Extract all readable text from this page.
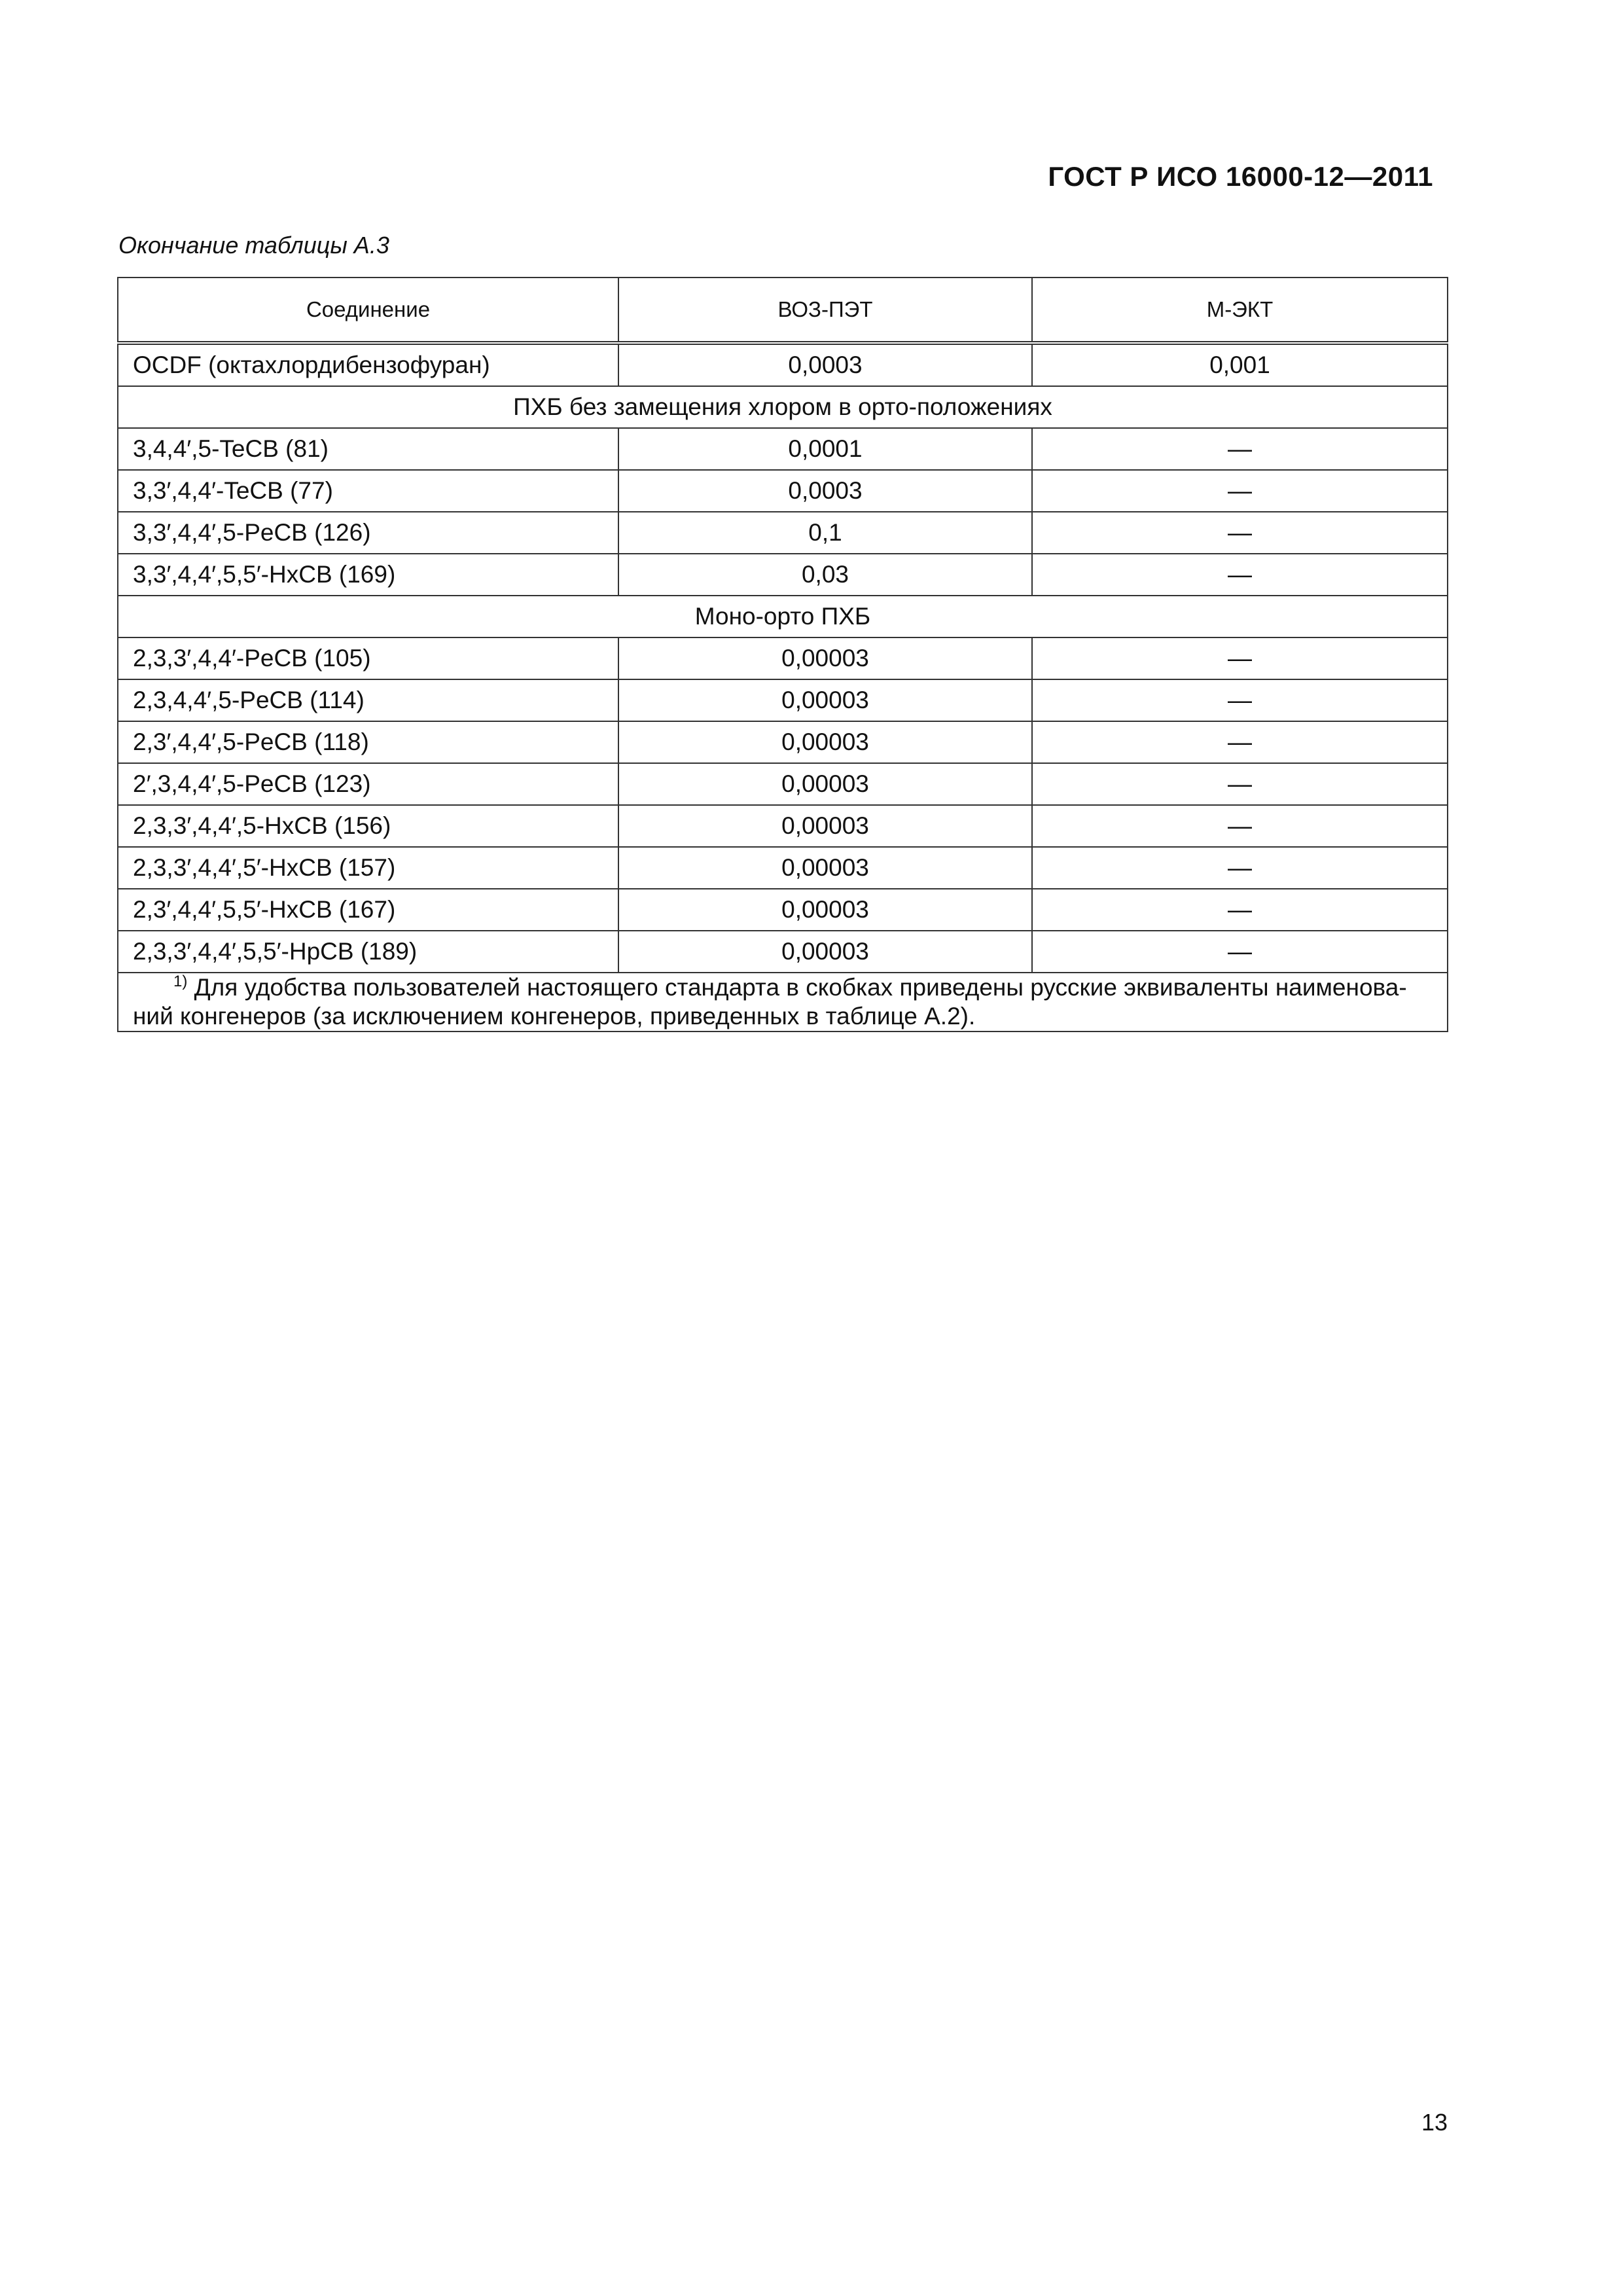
ГОСТ Р ИСО 16000-12—2011
Окончание таблицы А.3
Соединение	ВОЗ-ПЭТ	М-ЭКТ
OCDF (октахлордибензофуран)	0,0003	0,001
ПХБ без замещения хлором в орто-положениях		
3,4,4′,5-TeCB (81)	0,0001	—
3,3′,4,4′-TeCB (77)	0,0003	—
3,3′,4,4′,5-PeCB (126)	0,1	—
3,3′,4,4′,5,5′-HxCB (169)	0,03	—
Моно-орто ПХБ		
2,3,3′,4,4′-PeCB (105)	0,00003	—
2,3,4,4′,5-PeCB (114)	0,00003	—
2,3′,4,4′,5-PeCB (118)	0,00003	—
2′,3,4,4′,5-PeCB (123)	0,00003	—
2,3,3′,4,4′,5-HxCB (156)	0,00003	—
2,3,3′,4,4′,5′-HxCB (157)	0,00003	—
2,3′,4,4′,5,5′-HxCB (167)	0,00003	—
2,3,3′,4,4′,5,5′-HpCB (189)	0,00003	—

$^{1)}$ Для удобства пользователей настоящего стандарта в скобках приведены русские эквиваленты наименова-
ний конгенеров (за исключением конгенеров, приведенных в таблице А.2).		
13
